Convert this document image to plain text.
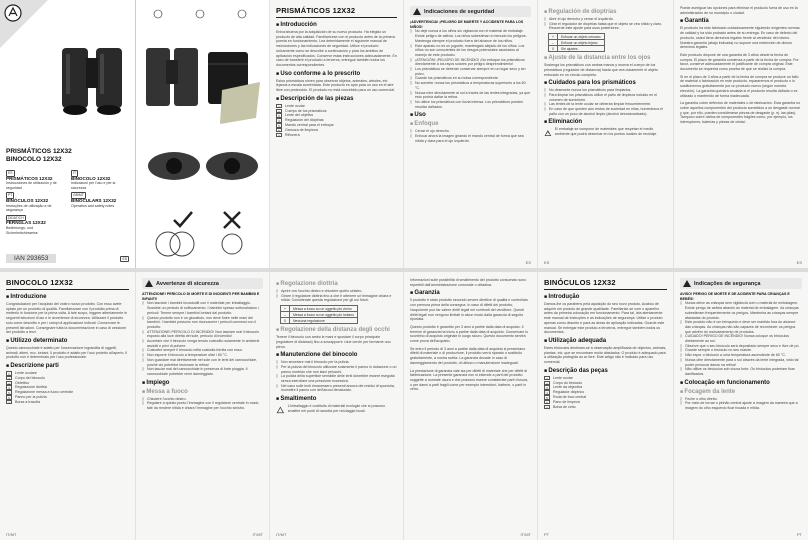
PRISMÁTICOS 12X32
BINOCOLO 12X32
ES
PRISMÁTICOS 12X32
Instrucciones de utilización y de seguridad
IT
BINOCOLO 12X32
Indicazioni per l'uso e per la sicurezza
PT
BINÓCULOS 12X32
Instruções de utilização e de segurança
GB/MT
BINOCULARS 12X32
Operation and safety notes
DE/AT/CH
FERNGLAS 12X32
Bedienungs- und Sicherheitshinweise
IAN 293653	ES
PRISMÁTICOS 12X32
■ Introducción
Enhorabuena por la adquisición de su nuevo producto. Ha elegido un producto de alta calidad. Familiarícese con el producto antes de la primera puesta en funcionamiento. Lea detenidamente el siguiente manual de instrucciones y las indicaciones de seguridad. Utilice el producto únicamente como se describe a continuación y para los ámbitos de aplicación especificados. Conserve estas instrucciones adecuadamente. En caso de transferir el producto a terceros, entregue también todos los documentos correspondientes.
■ Uso conforme a lo prescrito
Estos prismáticos sirven para observar objetos, animales, árboles, etc lejanos a escala aumentada. Este producto es apto para un uso en el aire libre con protección. El producto no está concebido para un uso comercial.
■ Descripción de las piezas
1	Lente ocular
2	Cuerpo de los prismáticos
3	Lente del objetivo
4	Regulación del dioptrías
5	Mando central para el enfoque
6	Gamuza de limpieza
7	Riñonera
Indicaciones de seguridad
¡ADVERTENCIA! ¡PELIGRO DE MUERTE Y ACCIDENTE PARA LOS NIÑOS!
▯ No deje nunca a los niños sin vigilancia con el material de embalaje. Existe peligro de asfixia. Los niños subestiman a menudo los peligros. Mantenga siempre el producto fuera del alcance de los niños.
▯ Este aparato no es un juguete, manténgalo alejado de los niños. Los niños no son conscientes de los riesgos potenciales asociados al manejo de este producto.
▯ ¡ATENCIÓN! ¡PELIGRO DE INCENDIO! ¡No enfoque los prismáticos directamente a los rayos solares por peligro desprendimiento!
▯ Los prismáticos se deberán conservar siempre en un lugar seco y sin polvo.
▯ Guarde los prismáticos en su bolsa correspondiente.
▯ No someter nunca los prismáticos a temperaturas superiores a los 60 °C.
▯ Nunca mire directamente al sol a través de las lentes integradas, ya que esto podría dañar la retina.
▯ No utilice los prismáticos con lluvia intensa. Los prismáticos pueden resultar dañados.
■ Uso
■ Enfoque
▯ Cerrar el ojo derecho.
▯ Enfocar ahora la imagen girando el mando central de forma que sea nítida y clara para el ojo izquierdo.
ES
■ Regulación de dioptrías
▯ Abrir el ojo derecho y cerrar el izquierdo.
▯ Girar el regulador de dioptrías hasta que el objeto se vea nítido y claro. Recuerde este ajuste para usos posteriores.
+	Enfocar un objeto cercano
–	Enfocar un objeto lejano
0	Sin ajustes
■ Ajuste de la distancia entre los ojos
Sostenga los prismáticos con ambas manos y mueva el cuerpo de los prismáticos (regulador de distancia) hasta que vea claramente el objeto enfocado en un círculo completo.
■ Cuidados para los prismáticos
▯ No desmonte nunca los prismáticos para limpiarlos.
▯ Para limpiar los prismáticos utilice el paño de limpieza incluido en el volumen de suministro.
▯ Las lentes de la lente ocular se deberán limpiar frecuentemente.
▯ En caso de que queden aún restos de suciedad en ellas, humedezca el paño con un poco de alcohol limpio (alcohol desnaturalizado).
■ Eliminación
El embalaje se compone de materiales que respetan el medio ambiente que podrá desechar en los puntos locales de reciclaje.
ES
Puede averiguar las opciones para eliminar el producto fuera de uso en la administración de su municipio o ciudad.
■ Garantía
El producto ha sido fabricado cuidadosamente siguiendo exigentes normas de calidad y ha sido probado antes de su entrega. En caso de defecto del producto, usted tiene derechos legales frente al vendedor del mismo. Nuestra garantía (abajo indicada) no supone una restricción de dichos derechos legales.
Este producto dispone de una garantía de 3 años desde la fecha de compra. El plazo de garantía comienza a partir de la fecha de compra. Por favor, conserve adecuadamente el justificante de compra original. Este documento se requerirá como prueba de que se realizó la compra.
Si en el plazo de 3 años a partir de la fecha de compra se produce un fallo de material o fabricación en este producto, repararemos el producto o lo sustituiremos gratuitamente por un producto nuevo (según nuestra elección). La garantía quedará anulada si el producto resulta dañado o es utilizado o mantenido de forma inadecuada.
La garantía cubre defectos de materiales o de fabricación. Esta garantía no cubre aquellos componentes del producto sometidos a un desgaste normal y que, por ello, pueden considerarse piezas de desgaste (p. ej. las pilas). Tampoco cubre daños de componentes frágiles como, por ejemplo, los interruptores, baterías y piezas de cristal.
ES
BINOCOLO 12X32
■ Introduzione
Congratulazioni per l'acquisto del vostro nuovo prodotto. Con esso avete optato per un prodotto di qualità. Familiarizzare con il prodotto prima di metterlo in funzione per la prima volta. A tale scopo, leggere attentamente le seguenti istruzioni d'uso e le avvertenze di sicurezza. Utilizzare il prodotto solo come descritto e per i campi di applicazione indicati. Conservare le presenti istruzioni. Consegnare tutta la documentazione in caso di cessione del prodotto a terzi.
■ Utilizzo determinato
Questo cannocchiale è adatto per l'osservazione ingrandita di oggetti, animali, alberi, ecc. lontani. Il prodotto è adatto per l'uso protetto all'aperto. Il prodotto non è determinato per l'uso professionale.
■ Descrizione parti
1	Lente oculare
2	Corpo del binocolo
3	Obiettivo
4	Regolazione diottria
5	Regolazione messa a fuoco centrale
6	Panno per la pulizia
7	Borsa a tracolla
IT/MT
Avvertenze di sicurezza
ATTENZIONE! PERICOLO DI MORTE E DI INCIDENTI PER BAMBINI E INFANTI!
▯ Non lasciare i bambini incustoditi con il materiale per imballaggio. Sussiste un pericolo di soffocamento. I bambini spesso sottovalutano i pericoli. Tenere sempre i bambini lontani dal prodotto.
▯ Questo prodotto non è un giocattolo, non deve finire nelle mani dei bambini. I bambini possono non riconoscere i pericoli connessi con il prodotto.
▯ ATTENZIONE! PERICOLO DI INCENDIO! Non lasciare mai il binocolo esposto alla luce diretta del sole, pericolo di incendio!
▯ Accertare che il binocolo venga tenuto custodito solamente in ambienti asciutti e privi di polvere.
▯ Custodire sempre il binocolo nella custodia fornita con esso.
▯ Non esporre il binocolo a temperature oltre i 60 °C.
▯ Non guardare mai direttamente nel sole con le lenti del cannocchiale, poiché ciò potrebbe lesionare la retina!
▯ Non lasciar mai del cannocchiale in presenza di forte pioggia. Il cannocchiale potrebbe venir danneggiato.
■ Impiego
■ Messa a fuoco
▯ Chiudere l'occhio destro.
▯ Regolare a questo punto l'immagine con il regolatore centrale in modo tale da rendere nitida e chiara l'immagine per l'occhio sinistro.
IT/MT
■ Regolazione diottria
▯ Aprire ora l'occhio destro e chiudere quello sinistro.
▯ Girare il regolatore diottria fino a che è ottenere un'immagine chiara e nitida. Considerate questa regolazione per gli usi futuri.
+	Messa a fuoco su un oggetto più vicino
–	Messa a fuoco su un oggetto più lontano
0	Nessuna regolazione
■ Regolazione della distanza degli occhi
Tenere il binocolo con ambo le mani e spostare il corpo principale (regolatore di distanza) fino a sovrapporre i due cerchi per formarne uno pieno.
■ Manutenzione del binocolo
▯ Non smontare mai il binocolo per la pulizia.
▯ Per la pulizia del binocolo utilizzare solamente il panno in dotazione o un panno morbido che non lasci pelucchi.
▯ La pulizia della superficie sensibile delle lenti dovrebbe essere eseguita senza esercitare una pressione eccessiva.
▯ Nel caso sulle lenti rimanessero presenti ancora dei residui di sporcizia, inumidire il panno con dell'alcool denaturato.
■ Smaltimento
L'imballaggio è costituito di materiali ecologici che si possono smaltire nei punti di raccolta per riciclaggio locali.
IT/MT
Informazioni sulle possibilità di smaltimento del prodotto consumato sono reperibili dall'amministrazione comunale o cittadina.
■ Garanzia
Il prodotto è stato prodotto secondo severe direttive di qualità e controllato con premura prima della consegna. In caso di difetti del prodotto, l'acquirente può far valere diritti legali nei confronti del venditore. Questi diritti legali non vengono limitati in alcun modo dalla garanzia di seguito riportata.
Questo prodotto è garantito per 3 anni a partire dalla data di acquisto. Il termine di garanzia ha inizio a partire dalla data di acquisto. Conservare lo scontrino di acquisto originale in luogo sicuro. Questo documento servirà come prova dell'acquisto.
Se entro il periodo di 3 anni a partire dalla data di acquisto si presentano difetti di materiale o di produzione, il prodotto verrà riparato o sostituito gratuitamente, a nostra scelta. La garanzia decade in caso di danneggiamento del prodotto, di utilizzo o manutenzione inadeguati.
La prestazione di garanzia vale sia per difetti di materiale che per difetti di fabbricazione. La presente garanzia non si estende a parti del prodotto soggette a normale usura e che possono essere considerate parti d'usura, o per danni a parti fragili come per esempio interruttori, batterie, o parti in vetro.
IT/MT
BINÓCULOS 12X32
■ Introdução
Damos-lhe os parabéns pela aquisição do seu novo produto. Acabou de adquirir um produto de grande qualidade. Familiarize-se com o aparelho antes da primeira colocação em funcionamento. Para tal, leia atentamente este manual de instruções e as indicações de segurança. Utilize o produto apenas como descrito e para as áreas de aplicação indicadas. Guarde este manual. Se entregar este produto a terceiros, entregue também todos os documentos.
■ Utilização adequada
Estes binóculos destinam-se à observação amplificada de objectos, animais, plantas, etc. que se encontram muito afastados. O produto é adequado para a utilização protegida ao ar livre. Este artigo não é indicado para uso comercial.
■ Descrição das peças
1	Lente ocular
2	Corpo do binóculo
3	Lente da objectiva
4	Regulador dióptrico
5	Roda de foco central
6	Pano de limpeza
7	Bolsa de cinto
PT
Indicações de segurança
AVISO! PERIGO DE MORTE E DE ACIDENTE PARA CRIANÇAS E BEBÉS!
▯ Nunca deixe as crianças sem vigilância com o material de embalagem. Existe perigo de asfixia através do material de embalagem. As crianças subestimam frequentemente os perigos. Mantenha as crianças sempre afastadas do produto.
▯ Este produto não é um brinquedo e deve ser mantido fora do alcance das crianças. As crianças não são capazes de reconhecer os perigos que advêm do manuseamento de produtos.
▯ CUIDADO! PERIGO DE INCÊNDIO! Nunca coloque os binóculos diretamente ao sol.
▯ Observe que o seu binóculo será depositado sempre seco e livre de pó.
▯ Guarde sempre o binóculo no seu malote.
▯ Não expor o binóculo a uma temperatura ascendente de 60 °C.
▯ Nunca olhe directamente para o sol através da lente integrada, visto tal poder provocar danos na retina!
▯ Não utilize os binóculos sob chuva forte. Os binóculos poderiam ficar danificados.
■ Colocação em funcionamento
■ Focagem da lente
▯ Feche o olho direito.
▯ Por meio de tornar o pinhão central ajuste a imagem da maneira que a imagem do olho esquerdo ficar focada e nítida.
PT
